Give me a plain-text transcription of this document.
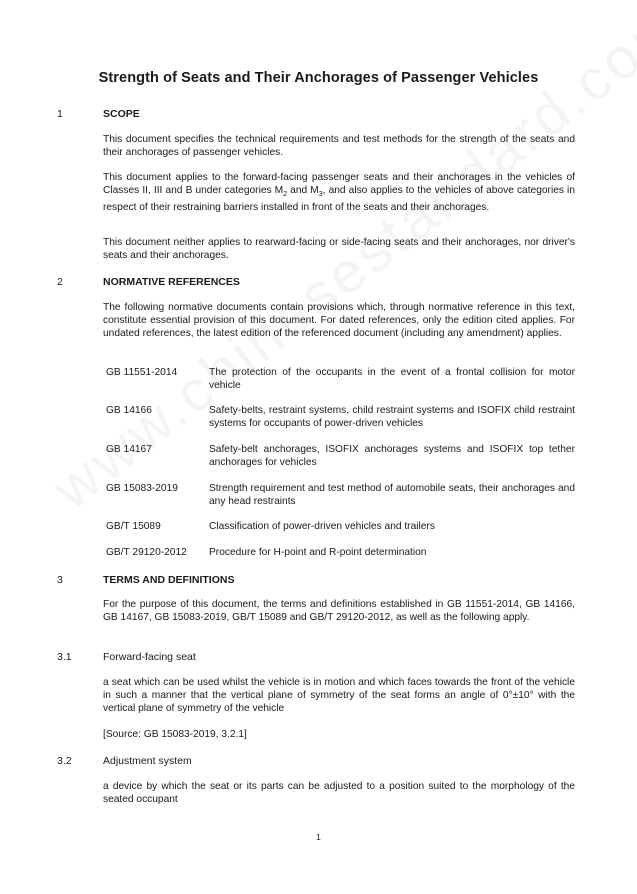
Strength of Seats and Their Anchorages of Passenger Vehicles
1	SCOPE
This document specifies the technical requirements and test methods for the strength of the seats and their anchorages of passenger vehicles.
This document applies to the forward-facing passenger seats and their anchorages in the vehicles of Classes II, III and B under categories $M_2$ and $M_3$, and also applies to the vehicles of above categories in respect of their restraining barriers installed in front of the seats and their anchorages.
This document neither applies to rearward-facing or side-facing seats and their anchorages, nor driver's seats and their anchorages.
2	NORMATIVE REFERENCES
The following normative documents contain provisions which, through normative reference in this text, constitute essential provision of this document. For dated references, only the edition cited applies. For undated references, the latest edition of the referenced document (including any amendment) applies.
GB 11551-2014	The protection of the occupants in the event of a frontal collision for motor vehicle
GB 14166	Safety-belts, restraint systems, child restraint systems and ISOFIX child restraint systems for occupants of power-driven vehicles
GB 14167	Safety-belt anchorages, ISOFIX anchorages systems and ISOFIX top tether anchorages for vehicles
GB 15083-2019	Strength requirement and test method of automobile seats, their anchorages and any head restraints
GB/T 15089	Classification of power-driven vehicles and trailers
GB/T 29120-2012 Procedure for H-point and R-point determination
3	TERMS AND DEFINITIONS
For the purpose of this document, the terms and definitions established in GB 11551-2014, GB 14166, GB 14167, GB 15083-2019, GB/T 15089 and GB/T 29120-2012, as well as the following apply.
3.1	Forward-facing seat
a seat which can be used whilst the vehicle is in motion and which faces towards the front of the vehicle in such a manner that the vertical plane of symmetry of the seat forms an angle of 0°±10° with the vertical plane of symmetry of the vehicle
[Source: GB 15083-2019, 3.2.1]
3.2	Adjustment system
a device by which the seat or its parts can be adjusted to a position suited to the morphology of the seated occupant
1
